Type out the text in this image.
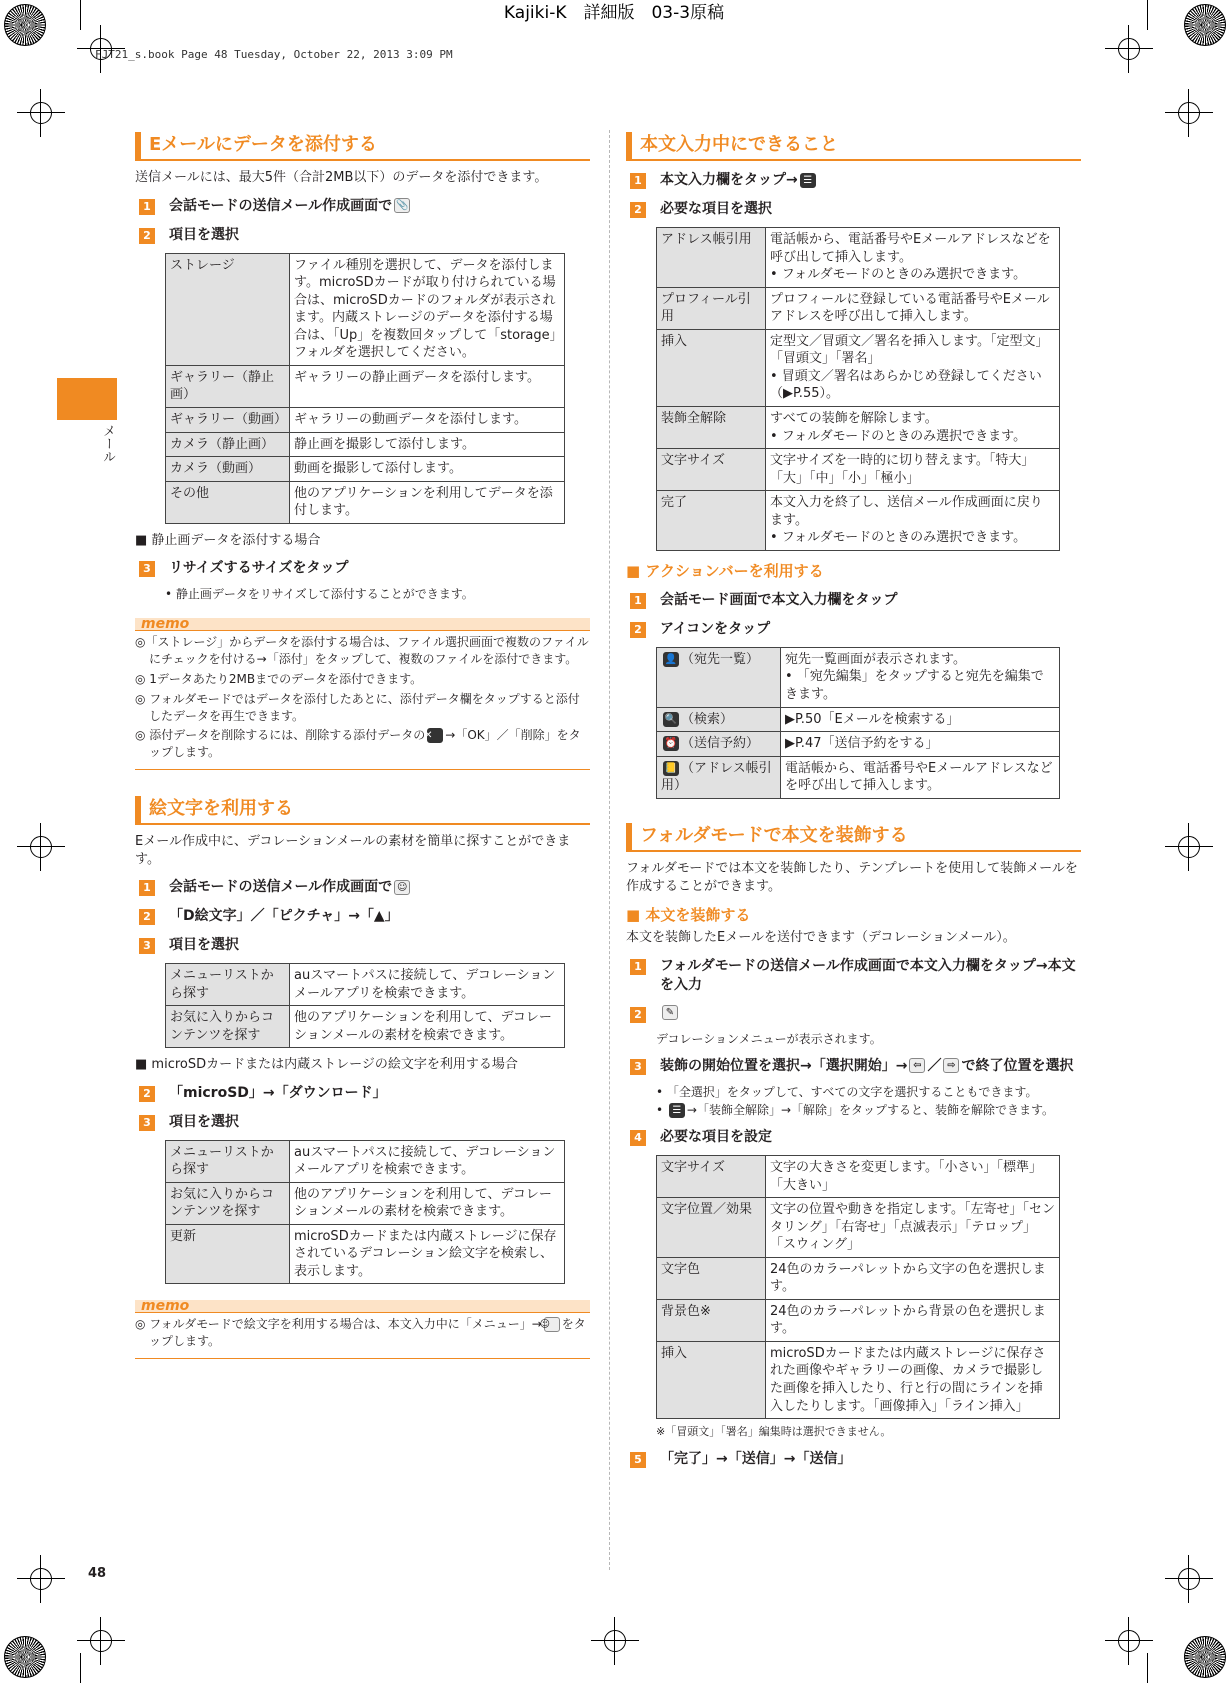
Kajiki-K　詳細版　03-3原稿
FJT21_s.book Page 48 Tuesday, October 22, 2013 3:09 PM
メール
48
Eメールにデータを添付する
送信メールには、最大5件（合計2MB以下）のデータを添付できます。
1 会話モードの送信メール作成画面で 📎
2 項目を選択
ストレージ	ファイル種別を選択して、データを添付します。microSDカードが取り付けられている場合は、microSDカードのフォルダが表示されます。内蔵ストレージのデータを添付する場合は、「Up」を複数回タップして「storage」フォルダを選択してください。
ギャラリー（静止画）	ギャラリーの静止画データを添付します。
ギャラリー（動画）	ギャラリーの動画データを添付します。
カメラ（静止画）	静止画を撮影して添付します。
カメラ（動画）	動画を撮影して添付します。
その他	他のアプリケーションを利用してデータを添付します。
■ 静止画データを添付する場合
3 リサイズするサイズをタップ
• 静止画データをリサイズして添付することができます。
memo
◎「ストレージ」からデータを添付する場合は、ファイル選択画面で複数のファイルにチェックを付ける→「添付」をタップして、複数のファイルを添付できます。
◎ 1データあたり2MBまでのデータを添付できます。
◎ フォルダモードではデータを添付したあとに、添付データ欄をタップすると添付したデータを再生できます。
◎ 添付データを削除するには、削除する添付データの✕ →「OK」／「削除」をタップします。
絵文字を利用する
Eメール作成中に、デコレーションメールの素材を簡単に探すことができます。
1 会話モードの送信メール作成画面で ☺
2 「D絵文字」／「ピクチャ」→「▲」
3 項目を選択
メニューリストから探す	auスマートパスに接続して、デコレーションメールアプリを検索できます。
お気に入りからコンテンツを探す	他のアプリケーションを利用して、デコレーションメールの素材を検索できます。
■ microSDカードまたは内蔵ストレージの絵文字を利用する場合
2 「microSD」→「ダウンロード」
3 項目を選択
メニューリストから探す	auスマートパスに接続して、デコレーションメールアプリを検索できます。
お気に入りからコンテンツを探す	他のアプリケーションを利用して、デコレーションメールの素材を検索できます。
更新	microSDカードまたは内蔵ストレージに保存されているデコレーション絵文字を検索し、表示します。
memo
◎ フォルダモードで絵文字を利用する場合は、本文入力中に「メニュー」→☺ をタップします。
本文入力中にできること
1 本文入力欄をタップ→ ☰
2 必要な項目を選択
アドレス帳引用	電話帳から、電話番号やEメールアドレスなどを呼び出して挿入します。
• フォルダモードのときのみ選択できます。

プロフィール引用	プロフィールに登録している電話番号やEメールアドレスを呼び出して挿入します。

挿入	定型文／冒頭文／署名を挿入します。「定型文」「冒頭文」「署名」
• 冒頭文／署名はあらかじめ登録してください（▶P.55）。

装飾全解除	すべての装飾を解除します。
• フォルダモードのときのみ選択できます。

文字サイズ	文字サイズを一時的に切り替えます。「特大」「大」「中」「小」「極小」

完了	本文入力を終了し、送信メール作成画面に戻ります。
• フォルダモードのときのみ選択できます。
■ アクションバーを利用する
1 会話モード画面で本文入力欄をタップ
2 アイコンをタップ
👤 （宛先一覧）	宛先一覧画面が表示されます。
• 「宛先編集」をタップすると宛先を編集できます。

🔍 （検索）	▶P.50「Eメールを検索する」

⏰ （送信予約）	▶P.47「送信予約をする」

📒 （アドレス帳引用）	電話帳から、電話番号やEメールアドレスなどを呼び出して挿入します。
フォルダモードで本文を装飾する
フォルダモードでは本文を装飾したり、テンプレートを使用して装飾メールを作成することができます。
■ 本文を装飾する
本文を装飾したEメールを送付できます（デコレーションメール）。
1 フォルダモードの送信メール作成画面で本文入力欄をタップ→本文を入力
2	✎
デコレーションメニューが表示されます。
3 装飾の開始位置を選択→「選択開始」→ ⇦ ／ ⇨ で終了位置を選択
• 「全選択」をタップして、すべての文字を選択することもできます。
• ☰ →「装飾全解除」→「解除」をタップすると、装飾を解除できます。
4 必要な項目を設定
文字サイズ	文字の大きさを変更します。「小さい」「標準」「大きい」
文字位置／効果	文字の位置や動きを指定します。「左寄せ」「センタリング」「右寄せ」「点滅表示」「テロップ」「スウィング」
文字色	24色のカラーパレットから文字の色を選択します。
背景色※	24色のカラーパレットから背景の色を選択します。
挿入	microSDカードまたは内蔵ストレージに保存された画像やギャラリーの画像、カメラで撮影した画像を挿入したり、行と行の間にラインを挿入したりします。「画像挿入」「ライン挿入」
※「冒頭文」「署名」編集時は選択できません。
5 「完了」→「送信」→「送信」
